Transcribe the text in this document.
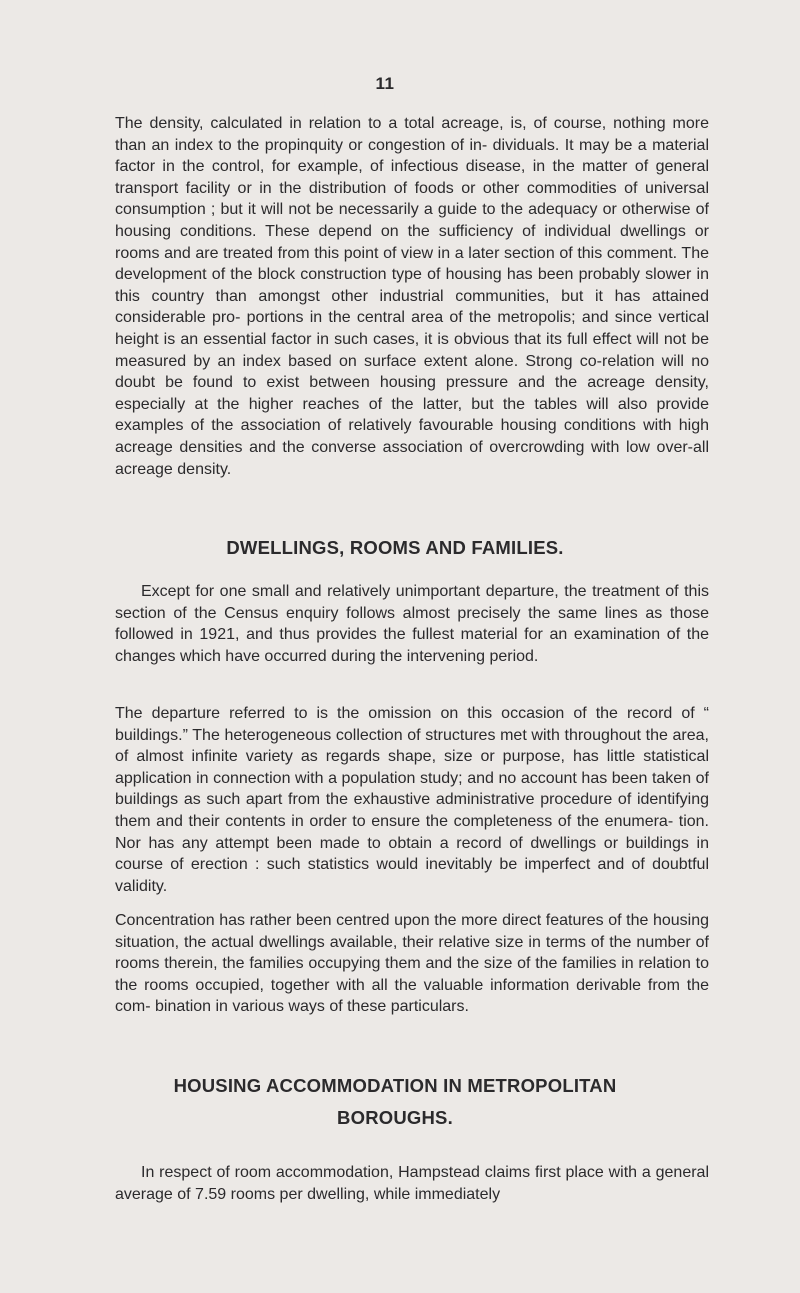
11

The density, calculated in relation to a total acreage, is, of course, nothing more than an index to the propinquity or congestion of in- dividuals. It may be a material factor in the control, for example, of infectious disease, in the matter of general transport facility or in the distribution of foods or other commodities of universal consumption ; but it will not be necessarily a guide to the adequacy or otherwise of housing conditions. These depend on the sufficiency of individual dwellings or rooms and are treated from this point of view in a later section of this comment. The development of the block construction type of housing has been probably slower in this country than amongst other industrial communities, but it has attained considerable pro- portions in the central area of the metropolis; and since vertical height is an essential factor in such cases, it is obvious that its full effect will not be measured by an index based on surface extent alone. Strong co-relation will no doubt be found to exist between housing pressure and the acreage density, especially at the higher reaches of the latter, but the tables will also provide examples of the association of relatively favourable housing conditions with high acreage densities and the converse association of overcrowding with low over-all acreage density.

DWELLINGS, ROOMS AND FAMILIES.

Except for one small and relatively unimportant departure, the treatment of this section of the Census enquiry follows almost precisely the same lines as those followed in 1921, and thus provides the fullest material for an examination of the changes which have occurred during the intervening period.

The departure referred to is the omission on this occasion of the record of “ buildings.” The heterogeneous collection of structures met with throughout the area, of almost infinite variety as regards shape, size or purpose, has little statistical application in connection with a population study; and no account has been taken of buildings as such apart from the exhaustive administrative procedure of identifying them and their contents in order to ensure the completeness of the enumera- tion. Nor has any attempt been made to obtain a record of dwellings or buildings in course of erection : such statistics would inevitably be imperfect and of doubtful validity.

Concentration has rather been centred upon the more direct features of the housing situation, the actual dwellings available, their relative size in terms of the number of rooms therein, the families occupying them and the size of the families in relation to the rooms occupied, together with all the valuable information derivable from the com- bination in various ways of these particulars.

HOUSING ACCOMMODATION IN METROPOLITAN
BOROUGHS.

In respect of room accommodation, Hampstead claims first place with a general average of 7.59 rooms per dwelling, while immediately
